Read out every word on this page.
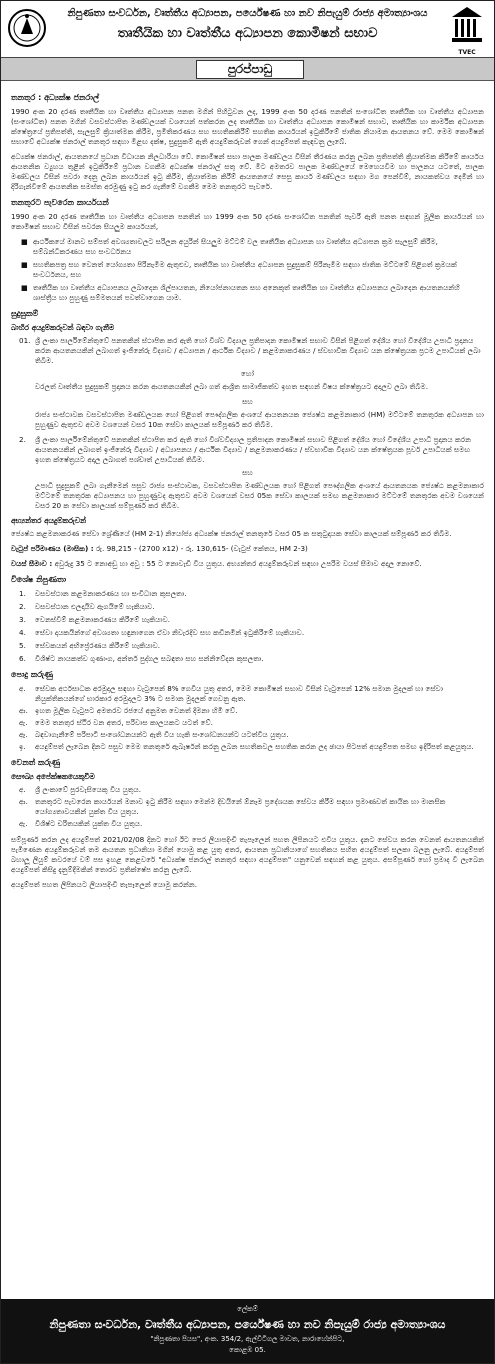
නිපුණතා සංවර්ධන, වෘත්තීය අධ්‍යාපන, පර්යේෂණ හා නව නිපැයුම් රාජ්‍ය අමාත්‍යාංශය
තෘතීයික හා වෘත්තීය අධ්‍යාපන කොමිෂන් සභාව
TVEC
පුරප්පාඩු
තනතුර : අධ්‍යක්ෂ ජනරාල්

1990 අංක 20 දරණ තෘතීයික හා වෘත්තීය අධ්‍යාපන පනත මගින් පිහිටුවන ලද, 1999 අංක 50 දරණ පනතින් සංශෝධිත තෘතීයික හා වෘත්තීය අධ්‍යාපන (සංශෝධිත) පනත මගින් වසවස්ථාපිත මණ්ඩලයක් වශයෙන් පත්කරන ලද තෘතීයික හා වෘත්තීය අධ්‍යාපන කොමිෂන් සභාව, තෘතීයික හා කාර්මික අධ්‍යාපන ක්ෂේත්‍රයේ ප්‍රතිපත්ති, සැලසුම් ක්‍රියාත්මක කිරීම, ප්‍රමිතිකරණය සහ සහතිකකිරීම් සහතික කාර්යයන් ඉටුකිරීමේ ජාතික නියාමන ආයතනය වේ. මෙම කොමිෂන් සභාවේ අධ්‍යක්ෂ ජනරාල් තනතුර සඳහා මීළඟ දක්ෂ, සුදුසුකම් ඇති අයදුම්කරුවන් ගෙන් අයදුම්පත් කැඳවනු ලැබේ.

අධ්‍යක්ෂ ජනරාල්, ආයතනයේ ප්‍රධාන විධායක නිලධාරියා වේ. කොමිෂන් සභා පාලක මණ්ඩලය විසින් තීරණය කරනු ලබන ප්‍රතිපත්ති ක්‍රියාත්මක කිරීමේ කාර්යය ආයතනික ව්‍යුහය තුළින් ඉටුකිරීමේ ප්‍රධාන වගකීම අධ්‍යක්ෂ ජනරාල් සතු වේ. මීට අමතරව පාලක මණ්ඩලයේ මෙහෙයවීම හා පාලනය යටතේ, පාලක මණ්ඩලය විසින් පවරා දෙනු ලබන කාර්යයන් ඉටු කිරීම, ක්‍රියාත්මක කිරීම් ආයතනයේ සෙසු කාර්ය මණ්ඩලය සඳහා මග පෙන්වීම්, නායකත්වය දෙමින් හා දිරිගැන්වීමේ ආයතනික සමස්ත අරමුණු ඉටු කර ගැනීමේ වගකීම මෙම තනතුරට පැවරේ.

තනතුරට පැවරෙන කාර්යයන්

1990 අංක 20 දරණ තෘතීයික හා වෘත්තීය අධ්‍යාපන පනතින් හා 1999 අංක 50 දරණ සංශෝධිත පනතින් පැවරී ඇති පනත සඳහන් මූලික කාර්යයන් හා කොමිෂන් සභාව විසින් පවරන සියලුම කාර්යයන්,

■ ආර්ථිකයේ මානව සම්පත් අවශ්‍යතාවලට සරිලන අයුරින් සියලුම මට්ටම් වල තෘතීයික අධ්‍යාපන හා වෘත්තීය අධ්‍යාපන ක්‍රම සැලසුම් කිරීම, සම්බන්ධීකරණය සහ සංවර්ධනය
■ සහතිකපත්‍ර සහ වෙනත් යෝග්‍යතා පිරිනැමීම ඇතුළුව, තෘතීයික හා වෘත්තීය අධ්‍යාපන සුදුසුකම් පිරිනැමීම සඳහා ජාතික මට්ටමේ පිළිගත් ක්‍රමයක් සංවර්ධනය, සහ
■ තෘතීයික හා වෘත්තීය අධ්‍යාපනය ලබාදෙන ශිල්පායතන, නියෝජනායතන සහ අනෙකුත් තෘතීයික හා වෘත්තීය අධ්‍යාපනය ලබාදෙන ආයතනයන්හි ශාස්ත්‍රීය හා පුහුණු සම්මතයන් පවත්වාගෙන යාම.
සුදුසුකම්
බාහිර අයදුම්කරුවන් බඳවා ගැනීම
01. ශ්‍රී ලංකා පාර්ලිමේන්තුවේ පනතකින් ස්ථාපිත කර ඇති හෝ විශ්ව විද්‍යාල ප්‍රතිපාදන කොමිෂන් සභාව විසින් පිළිගත් දේශීය හෝ විදේශීය උපාධි ප්‍රදානය කරන ආයතනයකින් ලබාගත් ඉංජිනේරු විද්‍යාව / අධ්‍යාපන / ආර්ථික විද්‍යාව / කළමනාකරණය / ස්වභාවික විද්‍යාව යන ක්ෂේත්‍රයක ප්‍රථම උපාධියක් ලබා තිබීම.
හෝ

වරලත් වෘත්තීය සුදුසුකම් ප්‍රදානය කරන ආයතනයකින් ලබා ගත් ආශ්‍රිත සාමාජිකත්ව ඉහත සඳහන් විෂය ක්ෂේත්‍රයට අදාලව ලබා තිබීම.

සහ

රාජ්‍ය සංස්ථාවක වසවස්ථාපිත මණ්ඩලයක හෝ පිළිගත් පෞද්ගලික අංශයේ ආයතනයක ජ්‍යෙෂ්ඨ කළමනාකාර (HM) මට්ටමේ තනතුරක අධ්‍යාපන හා පුහුණුව ඇතුළුව අවම වශයෙන් වසර 10ක සේවා කාලයක් සම්පූර්ණ කර තිබීම.

2.	ශ්‍රී ලංකා පාර්ලිමේන්තුවේ පනතකින් ස්ථාපිත කර ඇති හෝ විශ්වවිද්‍යාල ප්‍රතිපාදන කොමිෂන් සභාව පිළිගත් දේශීය හෝ විදේශීය උපාධි ප්‍රදානය කරන ආයතනයකින් ලබාගත් ඉංජිනේරු විද්‍යාව / අධ්‍යාපනය / ආර්ථික විද්‍යාව / කළමනාකරණය / ස්වභාවික විද්‍යාව යන ක්ෂේත්‍රයක පූර්ව උපාධියක් සමඟ ඉහත ක්ෂේත්‍රයට අදාල ලබාගත් පශ්චාත් උපාධියක් තිබීම.
සහ

උපාධි සුදුසුකම් ලබා ගැනීමෙන් පසුව රාජ්‍ය සංස්ථාවක, වසවස්ථාපිත මණ්ඩලයක හෝ පිළිගත් පෞද්ගලික අංශයේ ආයතනයක ජ්‍යෙෂ්ඨ කළමනාකාර මට්ටමේ තනතුරක අධ්‍යාපනය හා පුහුණුවද ඇතුළුව අවම වශයෙන් වසර 05ක සේවා කාලයක් සමඟ කළමනාකාර මට්ටමේ තනතුරක අවම වශයෙන් වසර 20 ක සේවා කාලයක් සම්පූර්ණ කර තිබීම.

අභ්‍යන්තර අයදුම්කරුවන්

ජ්‍යෙෂ්ඨ කළමනාකරණ සේවා ශ්‍රේණියේ (HM 2-1) නියෝජ්‍ය අධ්‍යක්ෂ ජනරාල් තනතුරේ වසර 05 ක සතුටුදායක සේවා කාලයක් සම්පූර්ණ කර තිබීම.

වැටුප් පරිමාණය (මාසික) : රු. 98,215 - (2700 x12) - රු. 130,615- (වැටුප් කේතය, HM 2-3)

වයස් සීමාව : අවුරුදු 35 ට නොඅඩු හා අවු : 55 ට නොවැඩි විය යුතුය. අභ්‍යන්තර අයදුම්කරුවන් සඳහා උපරිම වයස් සීමාව අදාල නොවේ.

විශේෂ නිපුණතා
1.	වසවස්ථාන කළමනාකරණය හා සංවිධාන කුසලතා.
2.	වසවස්ථාන එලදායිව ඇගයීමේ හැකියාව.
3.	වෙනස්වීම් කළමනාකරණය කිරීමේ හැකියාව.
4.	සේවා දායකයින්ගේ අවශ්‍යතා හඳුනාගෙන ඒවා නිවැරදිව සහ කඩිනමින් ඉටුකිරීමේ හැකියාව.
5.	සේවකයන් අභිප්‍රේරණය කිරීමේ හැකියාව.
6.	විශිෂ්ට නායකත්ව ගුණාංග, අන්තර් පුද්ගල සබඳතා සහ සන්නිවේදන කුසලතා.
පොදු කරුණු
අ.	සේවක අර්ථසාධක අරමුදල සඳහා වැටුපෙන් 8% ගෙවිය යුතු අතර, මෙම කොමිෂන් සභාව විසින් වැටුපෙන් 12% සමාන මුදලක් හා සේවා නියුක්තිකයන්ගේ භාරකාර අරමුදලට 3% ට සමාන මුදලක් ගෙවනු ඇත.
ආ. ඉහත මූලික වැටුපට අමතරව රජයේ අනුමත වෙනත් දීමනා හිමි වේ.
ඇ.	මෙම තනතුර ස්ථිර වන අතර, පරිවාස කාලයකට යටත් වේ.
ඈ.	බඳවාගැනීමේ පරිපාටි සංශෝධනයන්ට ඇති විය හැකි සංශෝධනයන්ට යටත්විය යුතුය.
ඉ.	අයදුම්පත් ලැබෙන දිනට පසුව මෙම තනතුරේ ඇබැර්ෂන් කරනු ලබන සහතිකවල සහතික කරන ලද ඡායා පිටපත් අයදුම්පත සමඟ ඉදිරිපත් කළයුතුය.
වෙනත් කරුණු
සෞඛ්‍ය අපේක්ෂකයෙකුවීම
අ.	ශ්‍රී ලංකාවේ පුරවැසියෙකු විය යුතුය.
ආ. තනතුරට පැවරෙන කාර්යයන් මනාව ඉටු කිරීම සඳහා මෙන්ම දිවයිනේ ඕනෑම ප්‍රදේශයක සේවය කිරීම සඳහා ප්‍රමාණවත් කායික හා මානසික යෝග්‍යතාවයකින් යුක්ත විය යුතුය.
ඇ.	විශිෂ්ට චරිතයකින් යුක්ත විය යුතුය.

සම්පූර්ණ කරන ලද අයදුම්පත් 2021/02/08 දිනට හෝ ඊට පෙර ලියාපදිංචි තැපෑලෙන් පහත ලිපිනයට එවිය යුතුය. දැනට සේවය කරන වෙනත් ආයතනයකින් පැමිණෙන අයදුම්කරුවන් තම ආයතන ප්‍රධානියා මගින් යොමු කළ යුතු අතර, ආයතන ප්‍රධානියාගේ සහතිකය සහිත අයදුම්පත් සලකා බලනු ලැබේ. අයදුම්පත් බහාලූ ලියුම් කවරයේ වම් පස ඉහළ කෙළවරේ "අධ්‍යක්ෂ ජනරාල් තනතුර සඳහා අයදුම්පත" යනුවෙන් සඳහන් කළ යුතුය. අසම්පූර්ණ හෝ ප්‍රමාද වී ලැබෙන අයදුම්පත් කිසිදු දැනුම්දීමකින් තොරව ප්‍රතික්ෂේප කරනු ලැබේ.

අයදුම්පත් පහත ලිපිනයට ලියාපදිංචි තැපෑලෙන් යොමු කරන්න.

ලේකම්
නිපුණතා සංවර්ධන, වෘත්තීය අධ්‍යාපන, පර්යේෂණ හා නව නිපැයුම් රාජ්‍ය අමාත්‍යාංශය
"නිපුණතා පියස", අංක. 354/2, ඇල්විටිගල මාවත, නාරාහේන්පිට,
කොළඹ 05.
